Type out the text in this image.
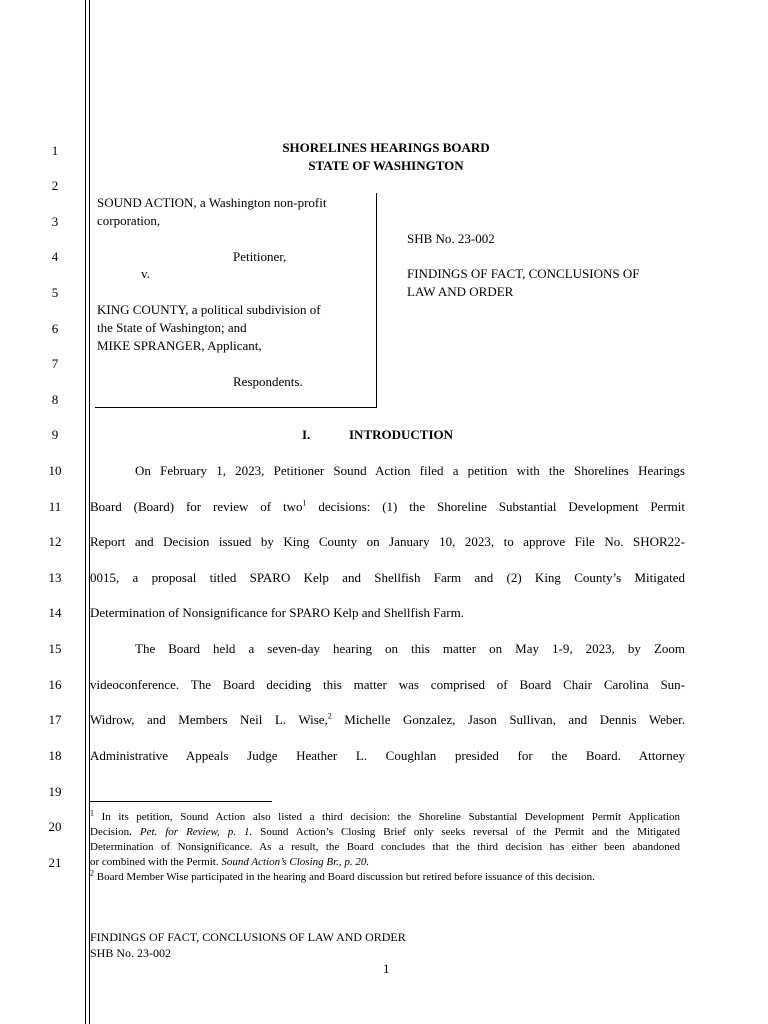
1
2
3
4
5
6
7
8
9
10
11
12
13
14
15
16
17
18
19
20
21
SHORELINES HEARINGS BOARD
STATE OF WASHINGTON
SOUND ACTION, a Washington non-profit
corporation,
Petitioner,
v.
KING COUNTY, a political subdivision of
the State of Washington; and
MIKE SPRANGER, Applicant,
Respondents.
SHB No. 23-002
FINDINGS OF FACT, CONCLUSIONS OF
LAW AND ORDER
I.	INTRODUCTION
On February 1, 2023, Petitioner Sound Action filed a petition with the Shorelines Hearings
Board (Board) for review of two$^1$ decisions: (1) the Shoreline Substantial Development Permit
Report and Decision issued by King County on January 10, 2023, to approve File No. SHOR22-
0015, a proposal titled SPARO Kelp and Shellfish Farm and (2) King County’s Mitigated
Determination of Nonsignificance for SPARO Kelp and Shellfish Farm.
The Board held a seven-day hearing on this matter on May 1-9, 2023, by Zoom
videoconference. The Board deciding this matter was comprised of Board Chair Carolina Sun-
Widrow, and Members Neil L. Wise,$^2$ Michelle Gonzalez, Jason Sullivan, and Dennis Weber.
Administrative Appeals Judge Heather L. Coughlan presided for the Board. Attorney
$^1$ In its petition, Sound Action also listed a third decision: the Shoreline Substantial Development Permit Application
Decision. Pet. for Review, p. 1. Sound Action’s Closing Brief only seeks reversal of the Permit and the Mitigated
Determination of Nonsignificance. As a result, the Board concludes that the third decision has either been abandoned
or combined with the Permit. Sound Action’s Closing Br., p. 20.
$^2$ Board Member Wise participated in the hearing and Board discussion but retired before issuance of this decision.
FINDINGS OF FACT, CONCLUSIONS OF LAW AND ORDER
SHB No. 23-002
1
